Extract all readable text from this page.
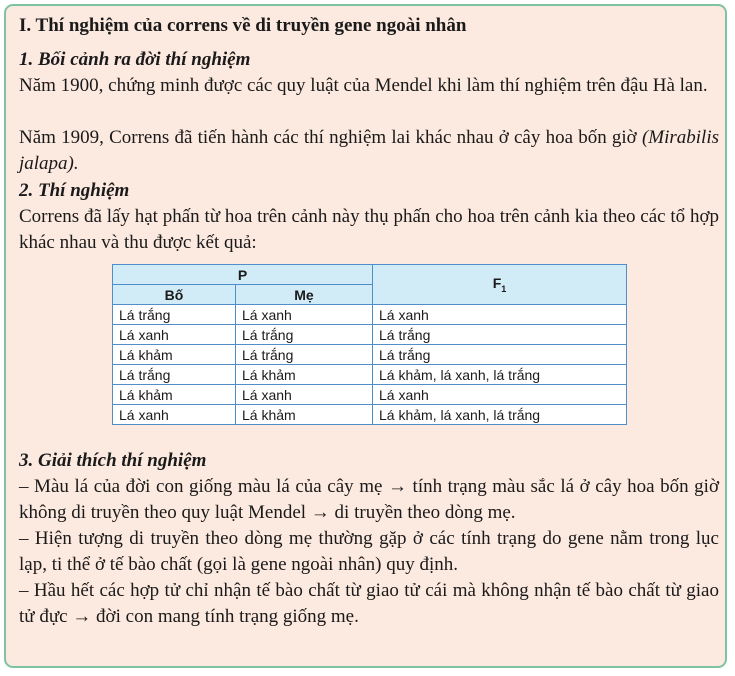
I. Thí nghiệm của correns về di truyền gene ngoài nhân

1. Bối cảnh ra đời thí nghiệm

Năm 1900, chứng minh được các quy luật của Mendel khi làm thí nghiệm trên đậu Hà lan.

Năm 1909, Correns đã tiến hành các thí nghiệm lai khác nhau ở cây hoa bốn giờ (Mirabilis jalapa).

2. Thí nghiệm

Correns đã lấy hạt phấn từ hoa trên cảnh này thụ phấn cho hoa trên cảnh kia theo các tổ hợp khác nhau và thu được kết quả:

P		$F_1$
Bố	Mẹ	
Lá trắng	Lá xanh	Lá xanh
Lá xanh	Lá trắng	Lá trắng
Lá khảm	Lá trắng	Lá trắng
Lá trắng	Lá khảm	Lá khảm, lá xanh, lá trắng
Lá khảm	Lá xanh	Lá xanh
Lá xanh	Lá khảm	Lá khảm, lá xanh, lá trắng

3. Giải thích thí nghiệm

– Màu lá của đời con giống màu lá của cây mẹ → tính trạng màu sắc lá ở cây hoa bốn giờ không di truyền theo quy luật Mendel → di truyền theo dòng mẹ.

– Hiện tượng di truyền theo dòng mẹ thường gặp ở các tính trạng do gene nằm trong lục lạp, ti thể ở tế bào chất (gọi là gene ngoài nhân) quy định.

– Hầu hết các hợp tử chỉ nhận tế bào chất từ giao tử cái mà không nhận tế bào chất từ giao tử đực → đời con mang tính trạng giống mẹ.
